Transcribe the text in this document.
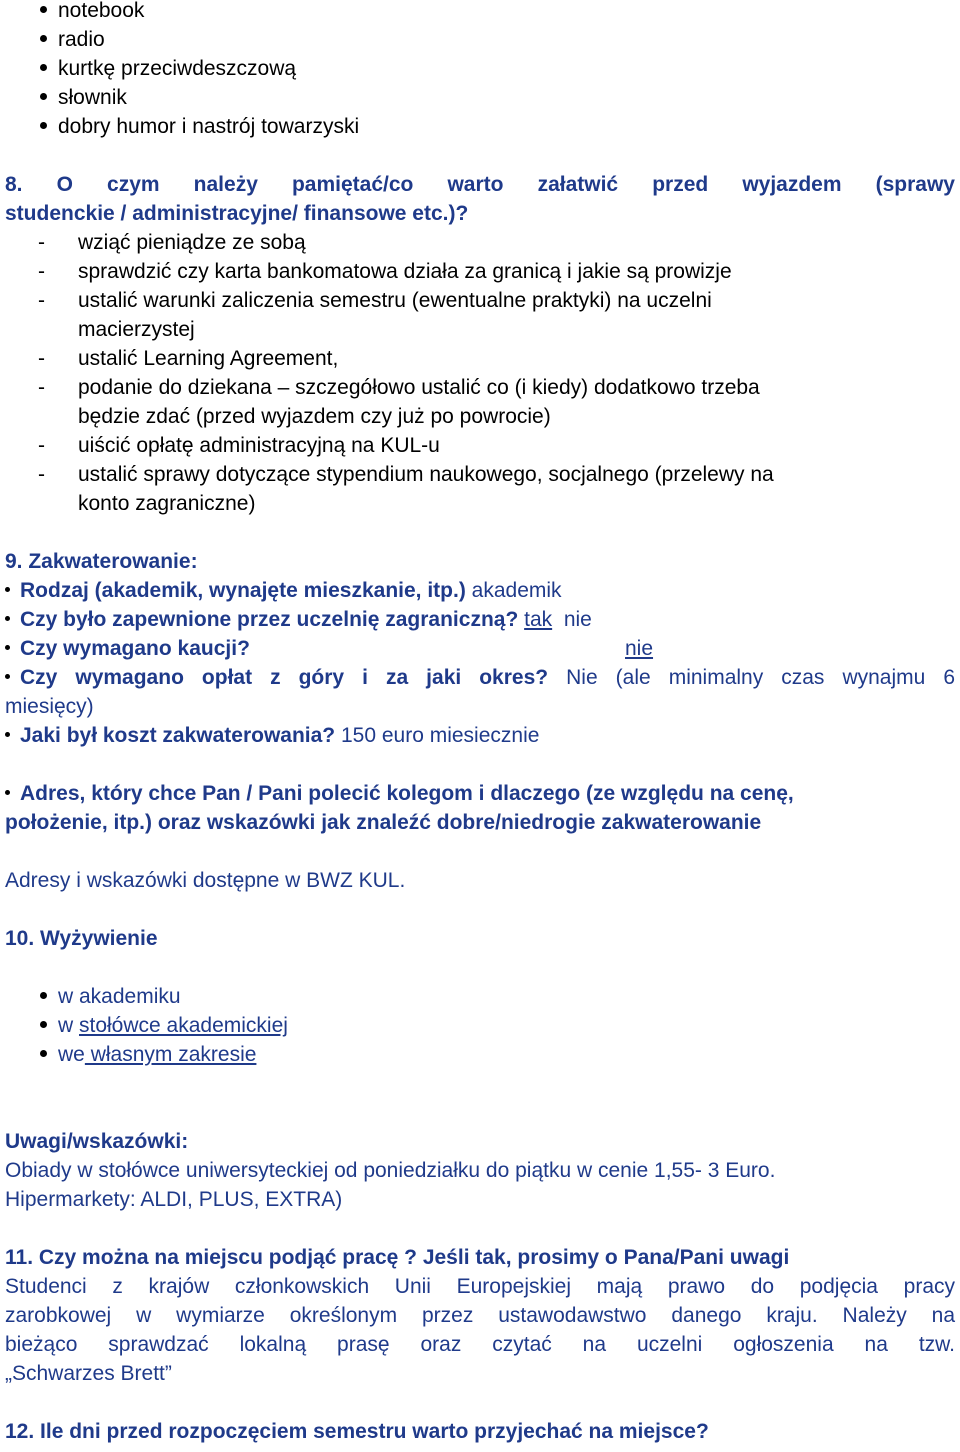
notebook
radio
kurtkę przeciwdeszczową
słownik
dobry humor i nastrój towarzyski
8. O czym należy pamiętać/co warto załatwić przed wyjazdem (sprawy
studenckie / administracyjne/ finansowe etc.)?
- wziąć pieniądze ze sobą
- sprawdzić czy karta bankomatowa działa za granicą i jakie są prowizje
- ustalić warunki zaliczenia semestru (ewentualne praktyki) na uczelni
macierzystej
- ustalić Learning Agreement,
- podanie do dziekana – szczegółowo ustalić co (i kiedy) dodatkowo trzeba
będzie zdać (przed wyjazdem czy już po powrocie)
- uiścić opłatę administracyjną na KUL-u
- ustalić sprawy dotyczące stypendium naukowego, socjalnego (przelewy na
konto zagraniczne)
9. Zakwaterowanie:
Rodzaj (akademik, wynajęte mieszkanie, itp.) akademik
Czy było zapewnione przez uczelnię zagraniczną? tak nie
Czy wymagano kaucji?	nie
Czy wymagano opłat z góry i za jaki okres? Nie (ale minimalny czas wynajmu 6
miesięcy)
Jaki był koszt zakwaterowania? 150 euro miesiecznie
Adres, który chce Pan / Pani polecić kolegom i dlaczego (ze względu na cenę,
położenie, itp.) oraz wskazówki jak znaleźć dobre/niedrogie zakwaterowanie
Adresy i wskazówki dostępne w BWZ KUL.
10. Wyżywienie
w akademiku
w stołówce akademickiej
we własnym zakresie
Uwagi/wskazówki:
Obiady w stołówce uniwersyteckiej od poniedziałku do piątku w cenie 1,55- 3 Euro.
Hipermarkety: ALDI, PLUS, EXTRA)
11. Czy można na miejscu podjąć pracę ? Jeśli tak, prosimy o Pana/Pani uwagi
Studenci z krajów członkowskich Unii Europejskiej mają prawo do podjęcia pracy
zarobkowej w wymiarze określonym przez ustawodawstwo danego kraju. Należy na
bieżąco sprawdzać lokalną prasę oraz czytać na uczelni ogłoszenia na tzw.
„Schwarzes Brett”
12. Ile dni przed rozpoczęciem semestru warto przyjechać na miejsce?
